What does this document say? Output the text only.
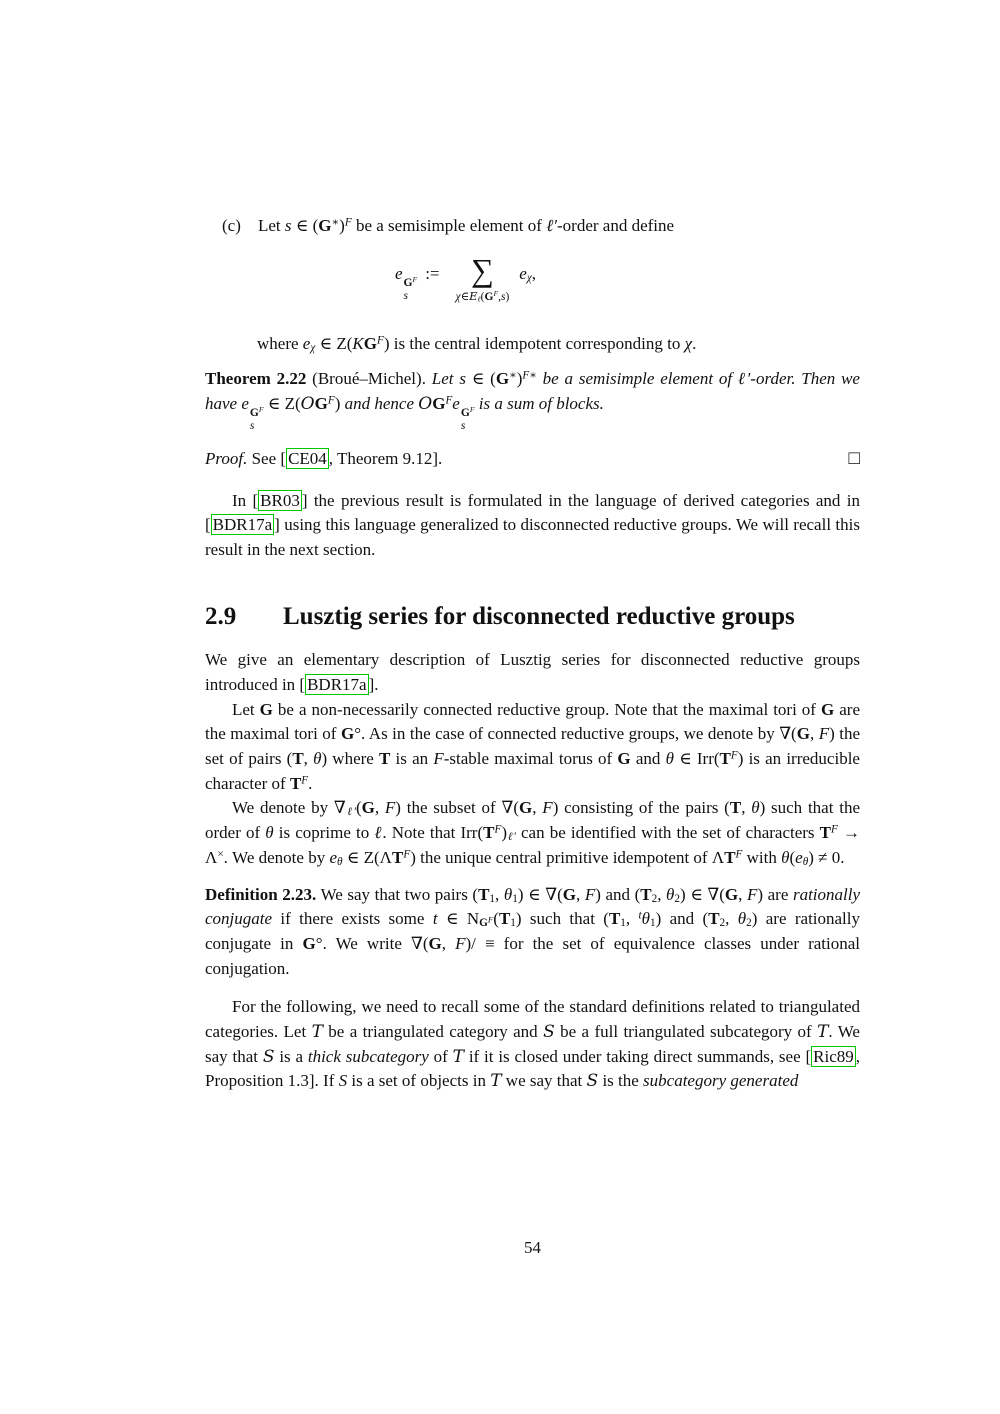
(c) Let s ∈ $(G^∗)^F$ be a semisimple element of ℓ′-order and define
e $G^F$
s
:= ∑
$\chi\in E_\ell(G^F,s)$
$e_\chi$,
where $e_\chi$ ∈ $Z(KG^F)$ is the central idempotent corresponding to χ.
Theorem 2.22 (Broué–Michel). Let s ∈ $(G^∗)^{F∗}$ be a semisimple element of ℓ′-order. Then we have e $G^F$
s
∈ $Z(OG^F)$ and hence $OG^Fe$ $G^F$
s
is a sum of blocks.
Proof. See [ CE04 , Theorem 9.12].	□
In [ BR03 ] the previous result is formulated in the language of derived categories and in [ BDR17a ] using this language generalized to disconnected reductive groups. We will recall this result in the next section.
2.9	Lusztig series for disconnected reductive groups
We give an elementary description of Lusztig series for disconnected reductive groups introduced in [ BDR17a ].
Let G be a non-necessarily connected reductive group. Note that the maximal tori of G are the maximal tori of G°. As in the case of connected reductive groups, we denote by ∇(G, F) the set of pairs (T, θ) where T is an F-stable maximal torus of G and θ ∈ $Irr(T^F)$ is an irreducible character of $T^F$.
We denote by $\nabla_{\ell'}(G$, F) the subset of ∇(G, F) consisting of the pairs (T, θ) such that the order of θ is coprime to ℓ. Note that $Irr(T^F)_{\ell'}$ can be identified with the set of characters $T^F \to \Lambda^\times$. We denote by $e_\theta$ ∈ $Z(\Lambda T^F)$ the unique central primitive idempotent of $\Lambda T^F$ with $\theta(e_\theta) \ne 0$.
Definition 2.23. We say that two pairs (T1, θ1) ∈ ∇(G, F) and (T2, θ2) ∈ ∇(G, F) are rationally conjugate if there exists some t ∈ NGF(T1) such that (T1, $^t$θ1) and (T2, θ2) are rationally conjugate in G°. We write ∇(G, F)/ ≡ for the set of equivalence classes under rational conjugation.
For the following, we need to recall some of the standard definitions related to triangulated categories. Let T be a triangulated category and S be a full triangulated subcategory of T. We say that S is a thick subcategory of T if it is closed under taking direct summands, see [ Ric89 , Proposition 1.3]. If S is a set of objects in T we say that S is the subcategory generated
54
